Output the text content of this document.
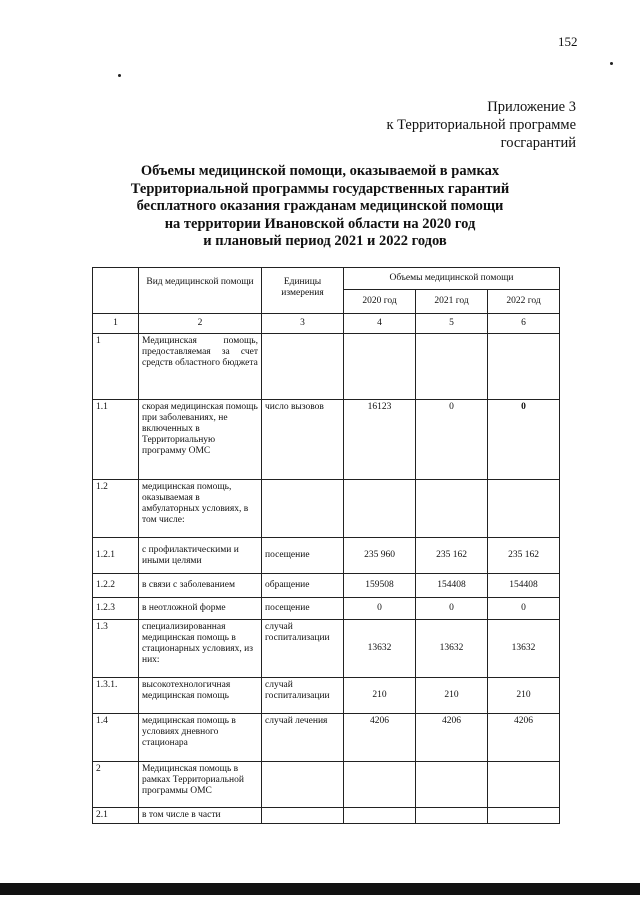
152
Приложение 3
к Территориальной программе
госгарантий
Объемы медицинской помощи, оказываемой в рамках
Территориальной программы государственных гарантий
бесплатного оказания гражданам медицинской помощи
на территории Ивановской области на 2020 год
и плановый период 2021 и 2022 годов
	Вид медицинской помощи	Единицы измерения	Объемы медицинской помощи		
			2020 год	2021 год	2022 год
1	2	3	4	5	6
1	Медицинская помощь, предоставляемая за счет средств областного бюджета				
1.1	скорая медицинская помощь при заболеваниях, не включенных в Территориальную программу ОМС	число вызовов	16123	0	0
1.2	медицинская помощь, оказываемая в амбулаторных условиях, в том числе:				
1.2.1	с профилактическими и иными целями	посещение	235 960	235 162	235 162
1.2.2	в связи с заболеванием	обращение	159508	154408	154408
1.2.3	в неотложной форме	посещение	0	0	0
1.3	специализированная медицинская помощь в стационарных условиях, из них:	случай госпитализации	13632	13632	13632
1.3.1.	высокотехнологичная медицинская помощь	случай госпитализации	210	210	210
1.4	медицинская помощь в условиях дневного стационара	случай лечения	4206	4206	4206
2	Медицинская помощь в рамках Территориальной программы ОМС				
2.1	в том числе в части				
